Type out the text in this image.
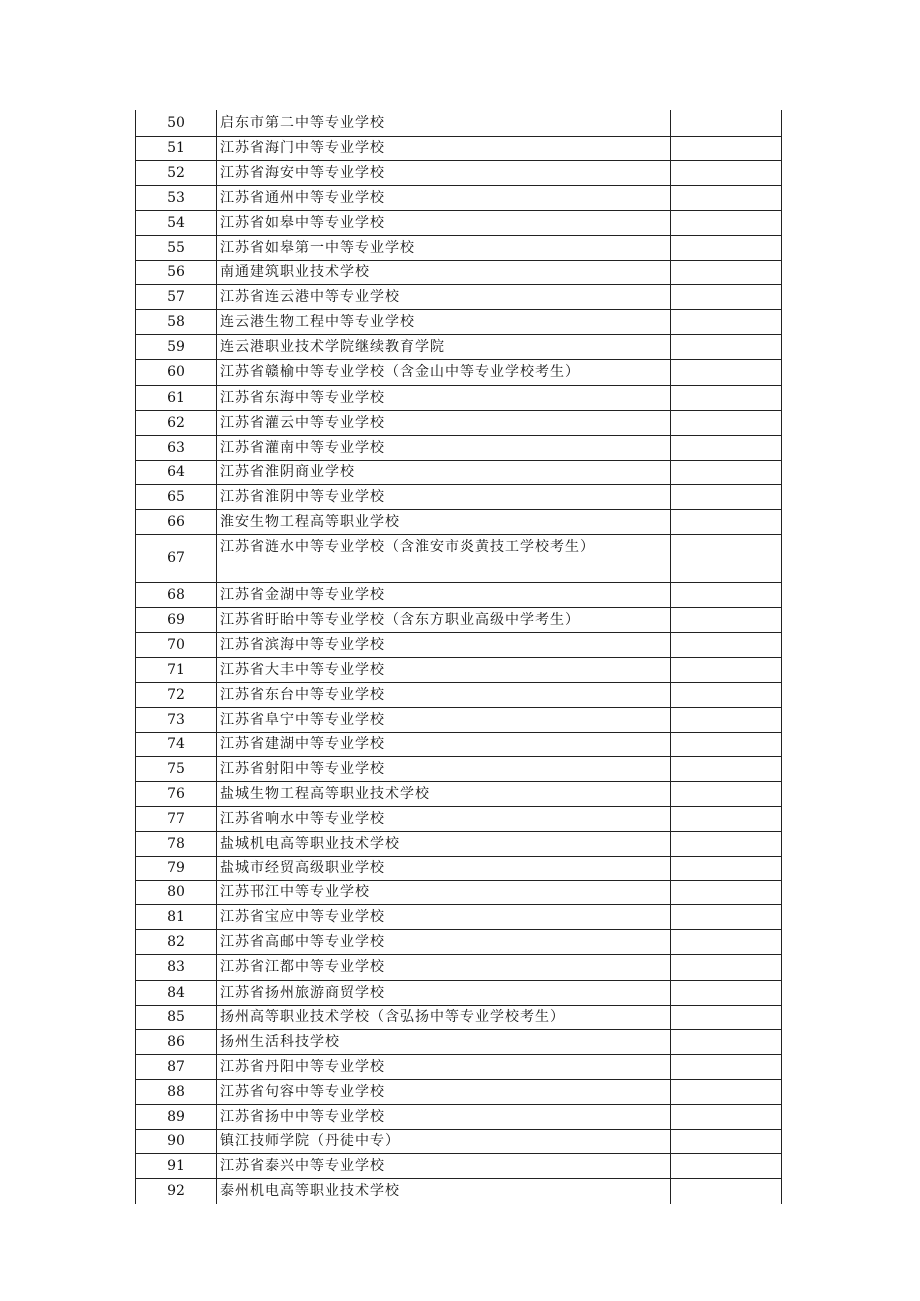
50	启东市第二中等专业学校	
51	江苏省海门中等专业学校	
52	江苏省海安中等专业学校	
53	江苏省通州中等专业学校	
54	江苏省如皋中等专业学校	
55	江苏省如皋第一中等专业学校	
56	南通建筑职业技术学校	
57	江苏省连云港中等专业学校	
58	连云港生物工程中等专业学校	
59	连云港职业技术学院继续教育学院	
60	江苏省赣榆中等专业学校（含金山中等专业学校考生）	
61	江苏省东海中等专业学校	
62	江苏省灌云中等专业学校	
63	江苏省灌南中等专业学校	
64	江苏省淮阴商业学校	
65	江苏省淮阴中等专业学校	
66	淮安生物工程高等职业学校	
67	江苏省涟水中等专业学校（含淮安市炎黄技工学校考生）	
68	江苏省金湖中等专业学校	
69	江苏省盱眙中等专业学校（含东方职业高级中学考生）	
70	江苏省滨海中等专业学校	
71	江苏省大丰中等专业学校	
72	江苏省东台中等专业学校	
73	江苏省阜宁中等专业学校	
74	江苏省建湖中等专业学校	
75	江苏省射阳中等专业学校	
76	盐城生物工程高等职业技术学校	
77	江苏省响水中等专业学校	
78	盐城机电高等职业技术学校	
79	盐城市经贸高级职业学校	
80	江苏邗江中等专业学校	
81	江苏省宝应中等专业学校	
82	江苏省高邮中等专业学校	
83	江苏省江都中等专业学校	
84	江苏省扬州旅游商贸学校	
85	扬州高等职业技术学校（含弘扬中等专业学校考生）	
86	扬州生活科技学校	
87	江苏省丹阳中等专业学校	
88	江苏省句容中等专业学校	
89	江苏省扬中中等专业学校	
90	镇江技师学院（丹徒中专）	
91	江苏省泰兴中等专业学校	
92	泰州机电高等职业技术学校	
